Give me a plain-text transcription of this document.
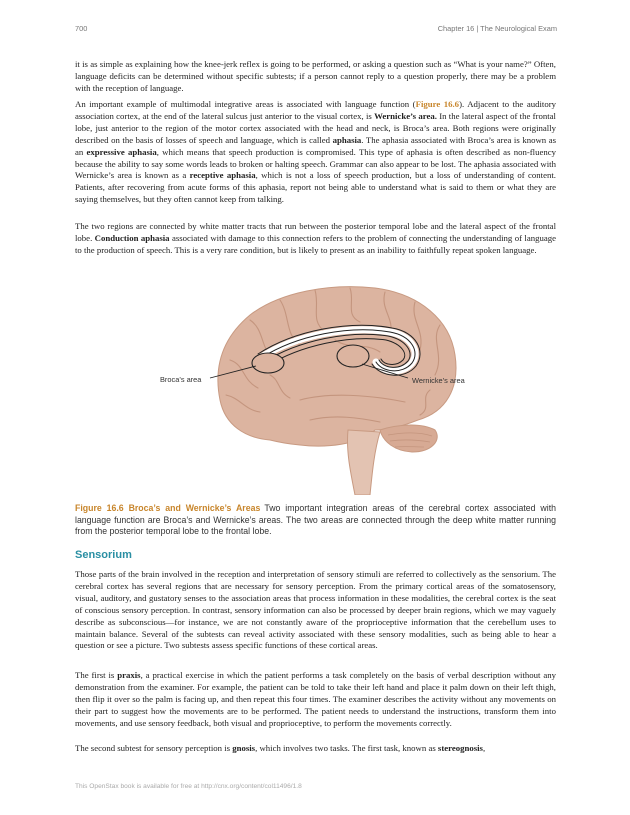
700	Chapter 16 | The Neurological Exam

it is as simple as explaining how the knee-jerk reflex is going to be performed, or asking a question such as “What is your name?” Often, language deficits can be determined without specific subtests; if a person cannot reply to a question properly, there may be a problem with the reception of language.

An important example of multimodal integrative areas is associated with language function (Figure 16.6). Adjacent to the auditory association cortex, at the end of the lateral sulcus just anterior to the visual cortex, is Wernicke’s area. In the lateral aspect of the frontal lobe, just anterior to the region of the motor cortex associated with the head and neck, is Broca’s area. Both regions were originally described on the basis of losses of speech and language, which is called aphasia. The aphasia associated with Broca’s area is known as an expressive aphasia, which means that speech production is compromised. This type of aphasia is often described as non-fluency because the ability to say some words leads to broken or halting speech. Grammar can also appear to be lost. The aphasia associated with Wernicke’s area is known as a receptive aphasia, which is not a loss of speech production, but a loss of understanding of content. Patients, after recovering from acute forms of this aphasia, report not being able to understand what is said to them or what they are saying themselves, but they often cannot keep from talking.

The two regions are connected by white matter tracts that run between the posterior temporal lobe and the lateral aspect of the frontal lobe. Conduction aphasia associated with damage to this connection refers to the problem of connecting the understanding of language to the production of speech. This is a very rare condition, but is likely to present as an inability to faithfully repeat spoken language.

Broca’s area	Wernicke’s area
Figure 16.6 Broca’s and Wernicke’s Areas Two important integration areas of the cerebral cortex associated with language function are Broca’s and Wernicke’s areas. The two areas are connected through the deep white matter running from the posterior temporal lobe to the frontal lobe.
Sensorium

Those parts of the brain involved in the reception and interpretation of sensory stimuli are referred to collectively as the sensorium. The cerebral cortex has several regions that are necessary for sensory perception. From the primary cortical areas of the somatosensory, visual, auditory, and gustatory senses to the association areas that process information in these modalities, the cerebral cortex is the seat of conscious sensory perception. In contrast, sensory information can also be processed by deeper brain regions, which we may vaguely describe as subconscious—for instance, we are not constantly aware of the proprioceptive information that the cerebellum uses to maintain balance. Several of the subtests can reveal activity associated with these sensory modalities, such as being able to hear a question or see a picture. Two subtests assess specific functions of these cortical areas.

The first is praxis, a practical exercise in which the patient performs a task completely on the basis of verbal description without any demonstration from the examiner. For example, the patient can be told to take their left hand and place it palm down on their left thigh, then flip it over so the palm is facing up, and then repeat this four times. The examiner describes the activity without any movements on their part to suggest how the movements are to be performed. The patient needs to understand the instructions, transform them into movements, and use sensory feedback, both visual and proprioceptive, to perform the movements correctly.

The second subtest for sensory perception is gnosis, which involves two tasks. The first task, known as stereognosis,

This OpenStax book is available for free at http://cnx.org/content/col11496/1.8
